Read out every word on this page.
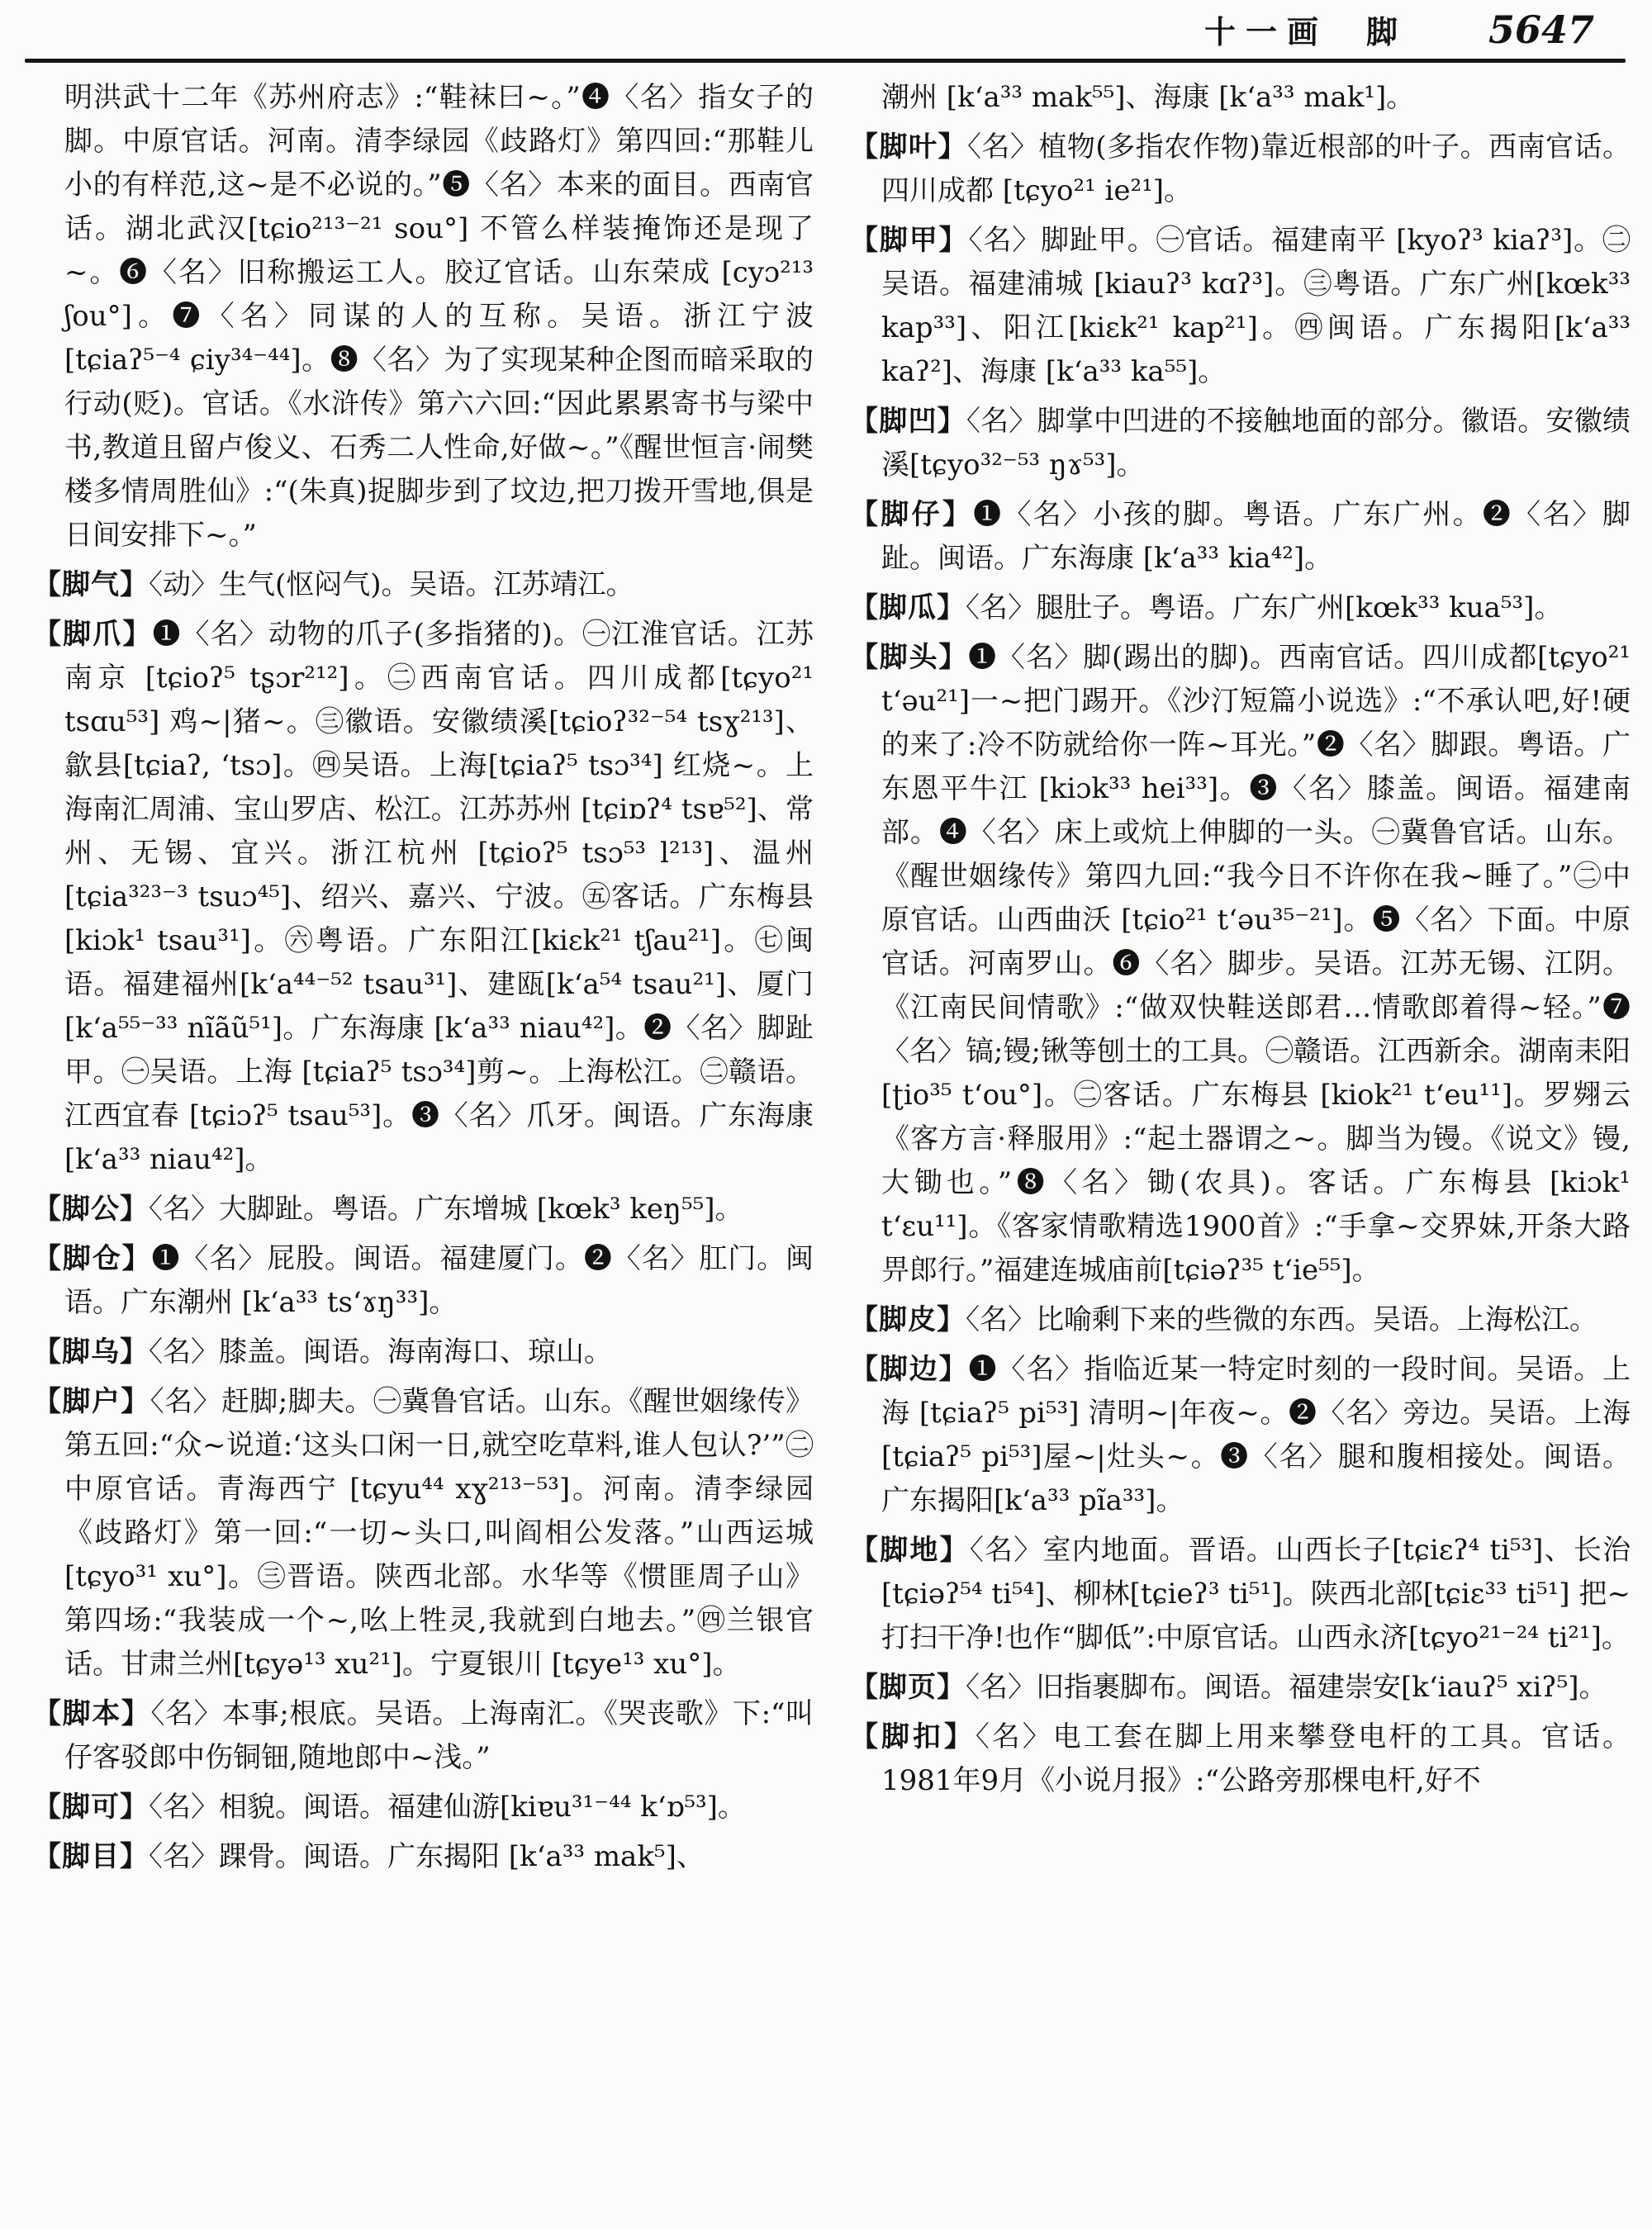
十一画 脚 5647

明洪武十二年《苏州府志》:“鞋袜曰~。”❹〈名〉指女子的脚。中原官话。河南。清李绿园《歧路灯》第四回:“那鞋儿小的有样范,这~是不必说的。”❺〈名〉本来的面目。西南官话。湖北武汉[tɕio²¹³⁻²¹ sou°] 不管么样装掩饰还是现了~。❻〈名〉旧称搬运工人。胶辽官话。山东荣成 [cyɔ²¹³ ʃou°]。❼〈名〉同谋的人的互称。吴语。浙江宁波 [tɕiaʔ⁵⁻⁴ ɕiy³⁴⁻⁴⁴]。❽〈名〉为了实现某种企图而暗采取的行动(贬)。官话。《水浒传》第六六回:“因此累累寄书与梁中书,教道且留卢俊义、石秀二人性命,好做~。”《醒世恒言·闹樊楼多情周胜仙》:“(朱真)捉脚步到了坟边,把刀拨开雪地,俱是日间安排下~。”

【脚气】〈动〉生气(怄闷气)。吴语。江苏靖江。

【脚爪】❶〈名〉动物的爪子(多指猪的)。㊀江淮官话。江苏南京 [tɕioʔ⁵ tʂɔr²¹²]。㊁西南官话。四川成都[tɕyo²¹ tsɑu⁵³] 鸡~|猪~。㊂徽语。安徽绩溪[tɕioʔ³²⁻⁵⁴ tsɣ²¹³]、歙县[tɕiaʔ, ʻtsɔ]。㊃吴语。上海[tɕiaʔ⁵ tsɔ³⁴] 红烧~。上海南汇周浦、宝山罗店、松江。江苏苏州 [tɕiɒʔ⁴ tsɐ⁵²]、常州、无锡、宜兴。浙江杭州 [tɕioʔ⁵ tsɔ⁵³ l²¹³]、温州[tɕia³²³⁻³ tsuɔ⁴⁵]、绍兴、嘉兴、宁波。㊄客话。广东梅县[kiɔk¹ tsau³¹]。㊅粤语。广东阳江[kiɛk²¹ tʃau²¹]。㊆闽语。福建福州[kʻa⁴⁴⁻⁵² tsau³¹]、建瓯[kʻa⁵⁴ tsau²¹]、厦门[kʻa⁵⁵⁻³³ nĩãũ⁵¹]。广东海康 [kʻa³³ niau⁴²]。❷〈名〉脚趾甲。㊀吴语。上海 [tɕiaʔ⁵ tsɔ³⁴]剪~。上海松江。㊁赣语。江西宜春 [tɕiɔʔ⁵ tsau⁵³]。❸〈名〉爪牙。闽语。广东海康[kʻa³³ niau⁴²]。

【脚公】〈名〉大脚趾。粤语。广东增城 [kœk³ keŋ⁵⁵]。

【脚仓】❶〈名〉屁股。闽语。福建厦门。❷〈名〉肛门。闽语。广东潮州 [kʻa³³ tsʻɤŋ³³]。

【脚乌】〈名〉膝盖。闽语。海南海口、琼山。

【脚户】〈名〉赶脚;脚夫。㊀冀鲁官话。山东。《醒世姻缘传》第五回:“众~说道:‘这头口闲一日,就空吃草料,谁人包认?’”㊁中原官话。青海西宁 [tɕyu⁴⁴ xɣ²¹³⁻⁵³]。河南。清李绿园《歧路灯》第一回:“一切~头口,叫阎相公发落。”山西运城 [tɕyo³¹ xu°]。㊂晋语。陕西北部。水华等《惯匪周子山》第四场:“我装成一个~,吆上牲灵,我就到白地去。”㊃兰银官话。甘肃兰州[tɕyə¹³ xu²¹]。宁夏银川 [tɕye¹³ xu°]。

【脚本】〈名〉本事;根底。吴语。上海南汇。《哭丧歌》下:“叫仔客驳郎中伤铜钿,随地郎中~浅。”

【脚可】〈名〉相貌。闽语。福建仙游[kiɐu³¹⁻⁴⁴ kʻɒ⁵³]。

【脚目】〈名〉踝骨。闽语。广东揭阳 [kʻa³³ mak⁵]、

潮州 [kʻa³³ mak⁵⁵]、海康 [kʻa³³ mak¹]。

【脚叶】〈名〉植物(多指农作物)靠近根部的叶子。西南官话。四川成都 [tɕyo²¹ ie²¹]。

【脚甲】〈名〉脚趾甲。㊀官话。福建南平 [kyoʔ³ kiaʔ³]。㊁吴语。福建浦城 [kiauʔ³ kɑʔ³]。㊂粤语。广东广州[kœk³³ kap³³]、阳江[kiɛk²¹ kap²¹]。㊃闽语。广东揭阳[kʻa³³ kaʔ²]、海康 [kʻa³³ ka⁵⁵]。

【脚凹】〈名〉脚掌中凹进的不接触地面的部分。徽语。安徽绩溪[tɕyo³²⁻⁵³ ŋɤ⁵³]。

【脚仔】❶〈名〉小孩的脚。粤语。广东广州。❷〈名〉脚趾。闽语。广东海康 [kʻa³³ kia⁴²]。

【脚瓜】〈名〉腿肚子。粤语。广东广州[kœk³³ kua⁵³]。

【脚头】❶〈名〉脚(踢出的脚)。西南官话。四川成都[tɕyo²¹ tʻəu²¹]一~把门踢开。《沙汀短篇小说选》:“不承认吧,好!硬的来了:冷不防就给你一阵~耳光。”❷〈名〉脚跟。粤语。广东恩平牛江 [kiɔk³³ hei³³]。❸〈名〉膝盖。闽语。福建南部。❹〈名〉床上或炕上伸脚的一头。㊀冀鲁官话。山东。《醒世姻缘传》第四九回:“我今日不许你在我~睡了。”㊁中原官话。山西曲沃 [tɕio²¹ tʻəu³⁵⁻²¹]。❺〈名〉下面。中原官话。河南罗山。❻〈名〉脚步。吴语。江苏无锡、江阴。《江南民间情歌》:“做双快鞋送郎君…情歌郎着得~轻。”❼〈名〉镐;镘;锹等刨土的工具。㊀赣语。江西新余。湖南耒阳[ʈio³⁵ tʻou°]。㊁客话。广东梅县 [kiok²¹ tʻeu¹¹]。罗翙云《客方言·释服用》:“起土器谓之~。脚当为镘。《说文》镘,大锄也。”❽〈名〉锄(农具)。客话。广东梅县 [kiɔk¹ tʻɛu¹¹]。《客家情歌精选1900首》:“手拿~交界妹,开条大路畀郎行。”福建连城庙前[tɕiəʔ³⁵ tʻie⁵⁵]。

【脚皮】〈名〉比喻剩下来的些微的东西。吴语。上海松江。

【脚边】❶〈名〉指临近某一特定时刻的一段时间。吴语。上海 [tɕiaʔ⁵ pi⁵³] 清明~|年夜~。❷〈名〉旁边。吴语。上海[tɕiaʔ⁵ pi⁵³]屋~|灶头~。❸〈名〉腿和腹相接处。闽语。广东揭阳[kʻa³³ pĩa³³]。

【脚地】〈名〉室内地面。晋语。山西长子[tɕiɛʔ⁴ ti⁵³]、长治 [tɕiəʔ⁵⁴ ti⁵⁴]、柳林[tɕieʔ³ ti⁵¹]。陕西北部[tɕiɛ³³ ti⁵¹] 把~打扫干净!也作“脚低”:中原官话。山西永济[tɕyo²¹⁻²⁴ ti²¹]。

【脚页】〈名〉旧指裹脚布。闽语。福建崇安[kʻiauʔ⁵ xiʔ⁵]。

【脚扣】〈名〉电工套在脚上用来攀登电杆的工具。官话。1981年9月《小说月报》:“公路旁那棵电杆,好不
